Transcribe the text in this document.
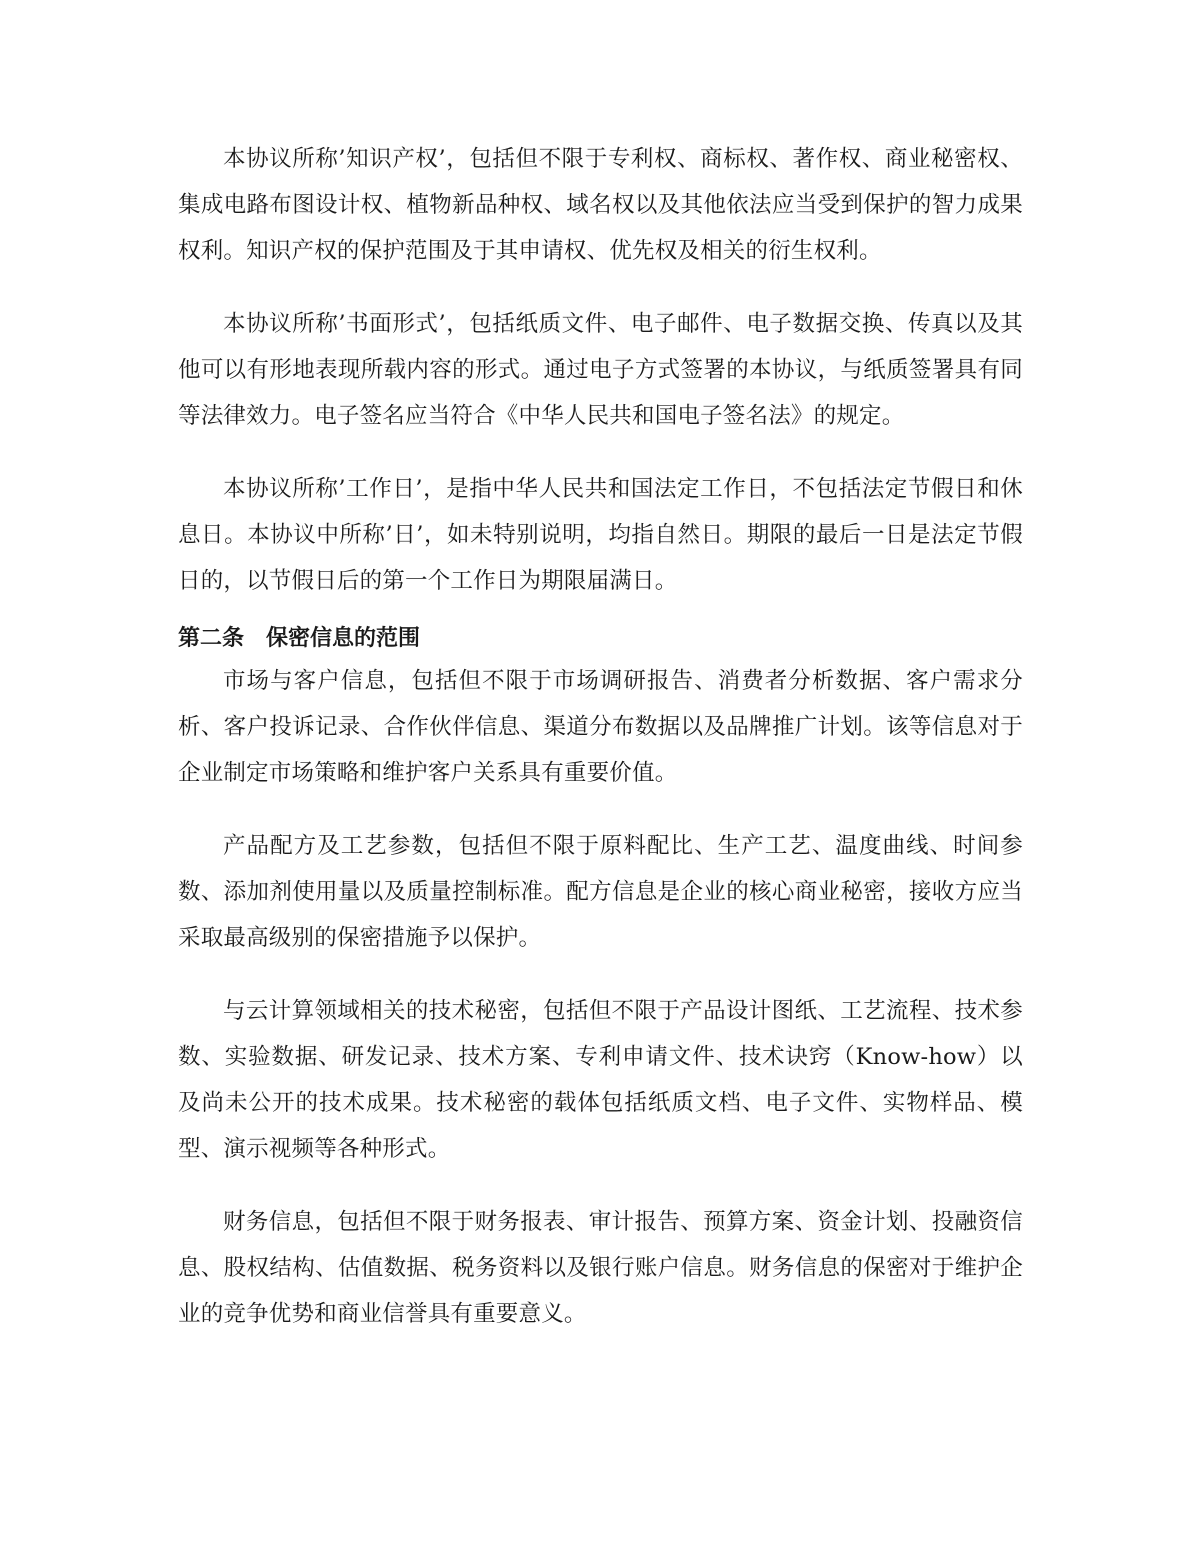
本协议所称’知识产权’，包括但不限于专利权、商标权、著作权、商业秘密权、集成电路布图设计权、植物新品种权、域名权以及其他依法应当受到保护的智力成果权利。知识产权的保护范围及于其申请权、优先权及相关的衍生权利。

本协议所称’书面形式’，包括纸质文件、电子邮件、电子数据交换、传真以及其他可以有形地表现所载内容的形式。通过电子方式签署的本协议，与纸质签署具有同等法律效力。电子签名应当符合《中华人民共和国电子签名法》的规定。

本协议所称’工作日’，是指中华人民共和国法定工作日，不包括法定节假日和休息日。本协议中所称’日’，如未特别说明，均指自然日。期限的最后一日是法定节假日的，以节假日后的第一个工作日为期限届满日。

第二条　保密信息的范围

市场与客户信息，包括但不限于市场调研报告、消费者分析数据、客户需求分析、客户投诉记录、合作伙伴信息、渠道分布数据以及品牌推广计划。该等信息对于企业制定市场策略和维护客户关系具有重要价值。

产品配方及工艺参数，包括但不限于原料配比、生产工艺、温度曲线、时间参数、添加剂使用量以及质量控制标准。配方信息是企业的核心商业秘密，接收方应当采取最高级别的保密措施予以保护。

与云计算领域相关的技术秘密，包括但不限于产品设计图纸、工艺流程、技术参数、实验数据、研发记录、技术方案、专利申请文件、技术诀窍（Know-how）以及尚未公开的技术成果。技术秘密的载体包括纸质文档、电子文件、实物样品、模型、演示视频等各种形式。

财务信息，包括但不限于财务报表、审计报告、预算方案、资金计划、投融资信息、股权结构、估值数据、税务资料以及银行账户信息。财务信息的保密对于维护企业的竞争优势和商业信誉具有重要意义。
